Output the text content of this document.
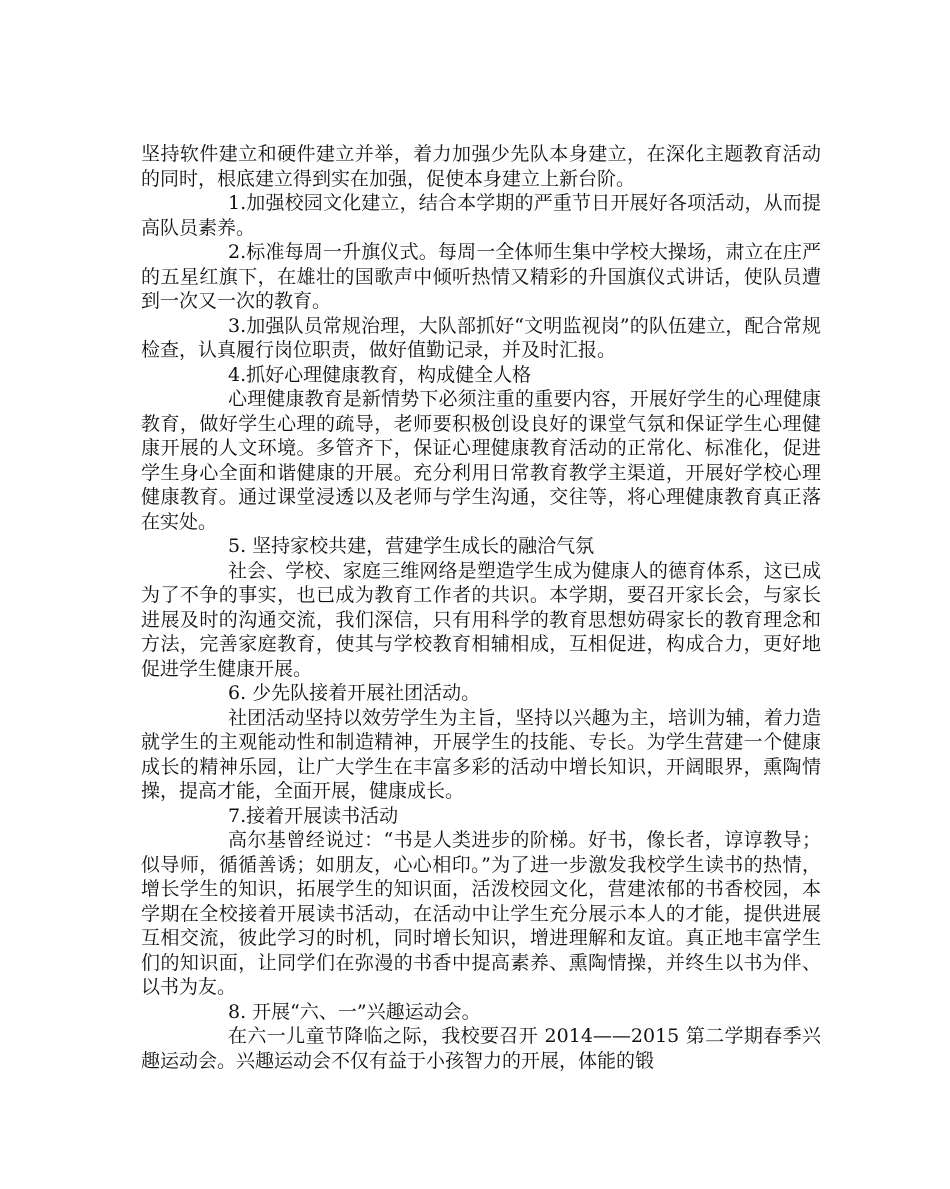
坚持软件建立和硬件建立并举，着力加强少先队本身建立，在深化主题教育活动的同时，根底建立得到实在加强，促使本身建立上新台阶。

1.加强校园文化建立，结合本学期的严重节日开展好各项活动，从而提高队员素养。

2.标准每周一升旗仪式。每周一全体师生集中学校大操场，肃立在庄严的五星红旗下，在雄壮的国歌声中倾听热情又精彩的升国旗仪式讲话，使队员遭到一次又一次的教育。

3.加强队员常规治理，大队部抓好“文明监视岗”的队伍建立，配合常规检查，认真履行岗位职责，做好值勤记录，并及时汇报。

4.抓好心理健康教育，构成健全人格

心理健康教育是新情势下必须注重的重要内容，开展好学生的心理健康教育，做好学生心理的疏导，老师要积极创设良好的课堂气氛和保证学生心理健康开展的人文环境。多管齐下，保证心理健康教育活动的正常化、标准化，促进学生身心全面和谐健康的开展。充分利用日常教育教学主渠道，开展好学校心理健康教育。通过课堂浸透以及老师与学生沟通，交往等，将心理健康教育真正落在实处。

5. 坚持家校共建，营建学生成长的融洽气氛

社会、学校、家庭三维网络是塑造学生成为健康人的德育体系，这已成为了不争的事实，也已成为教育工作者的共识。本学期，要召开家长会，与家长进展及时的沟通交流，我们深信，只有用科学的教育思想妨碍家长的教育理念和方法，完善家庭教育，使其与学校教育相辅相成，互相促进，构成合力，更好地促进学生健康开展。

6. 少先队接着开展社团活动。

社团活动坚持以效劳学生为主旨，坚持以兴趣为主，培训为辅，着力造就学生的主观能动性和制造精神，开展学生的技能、专长。为学生营建一个健康成长的精神乐园，让广大学生在丰富多彩的活动中增长知识，开阔眼界，熏陶情操，提高才能，全面开展，健康成长。

7.接着开展读书活动

高尔基曾经说过：“书是人类进步的阶梯。好书，像长者，谆谆教导；似导师，循循善诱；如朋友，心心相印。”为了进一步激发我校学生读书的热情，增长学生的知识，拓展学生的知识面，活泼校园文化，营建浓郁的书香校园，本学期在全校接着开展读书活动，在活动中让学生充分展示本人的才能，提供进展互相交流，彼此学习的时机，同时增长知识，增进理解和友谊。真正地丰富学生们的知识面，让同学们在弥漫的书香中提高素养、熏陶情操，并终生以书为伴、以书为友。

8. 开展“六、一”兴趣运动会。

在六一儿童节降临之际，我校要召开 2014——2015 第二学期春季兴趣运动会。兴趣运动会不仅有益于小孩智力的开展，体能的锻
